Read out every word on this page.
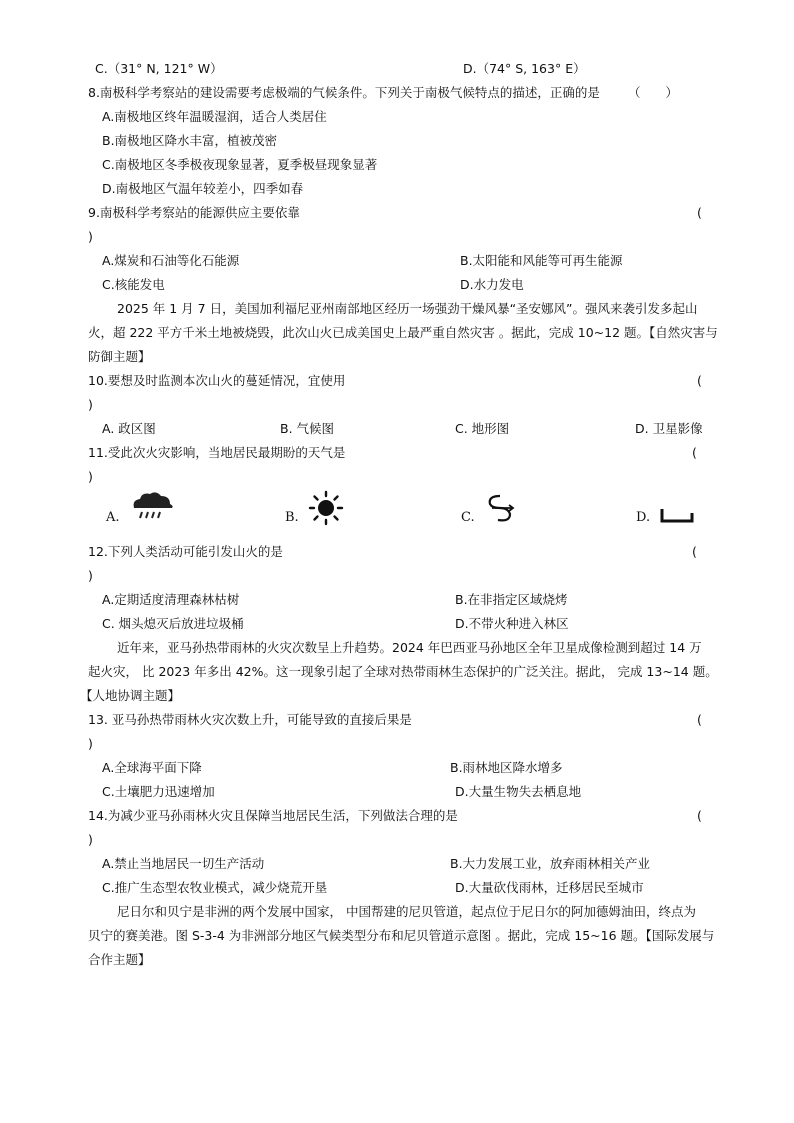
C.（31° N, 121° W）	D.（74° S, 163° E）
8.南极科学考察站的建设需要考虑极端的气候条件。下列关于南极气候特点的描述，正确的是 （　　）
A.南极地区终年温暖湿润，适合人类居住
B.南极地区降水丰富，植被茂密
C.南极地区冬季极夜现象显著，夏季极昼现象显著
D.南极地区气温年较差小，四季如春
9.南极科学考察站的能源供应主要依靠	(
)
A.煤炭和石油等化石能源	B.太阳能和风能等可再生能源
C.核能发电	D.水力发电
2025 年 1 月 7 日，美国加利福尼亚州南部地区经历一场强劲干燥风暴“圣安娜风”。强风来袭引发多起山
火，超 222 平方千米土地被烧毁，此次山火已成美国史上最严重自然灾害 。据此，完成 10~12 题。【自然灾害与
防御主题】
10.要想及时监测本次山火的蔓延情况，宜使用	(
)
A. 政区图	B. 气候图	C. 地形图	D. 卫星影像
11.受此次火灾影响，当地居民最期盼的天气是	(
)
A.	B.	C.	D.
12.下列人类活动可能引发山火的是	(
)
A.定期适度清理森林枯树	B.在非指定区域烧烤
C. 烟头熄灭后放进垃圾桶	D.不带火种进入林区
近年来，亚马孙热带雨林的火灾次数呈上升趋势。2024 年巴西亚马孙地区全年卫星成像检测到超过 14 万
起火灾， 比 2023 年多出 42%。这一现象引起了全球对热带雨林生态保护的广泛关注。据此， 完成 13~14 题。
【人地协调主题】
13. 亚马孙热带雨林火灾次数上升，可能导致的直接后果是	(
)
A.全球海平面下降	B.雨林地区降水增多
C.土壤肥力迅速增加	D.大量生物失去栖息地
14.为减少亚马孙雨林火灾且保障当地居民生活，下列做法合理的是	(
)
A.禁止当地居民一切生产活动	B.大力发展工业，放弃雨林相关产业
C.推广生态型农牧业模式，减少烧荒开垦	D.大量砍伐雨林，迁移居民至城市
尼日尔和贝宁是非洲的两个发展中国家， 中国帮建的尼贝管道，起点位于尼日尔的阿加德姆油田，终点为
贝宁的赛美港。图 S-3-4 为非洲部分地区气候类型分布和尼贝管道示意图 。据此，完成 15~16 题。【国际发展与
合作主题】
